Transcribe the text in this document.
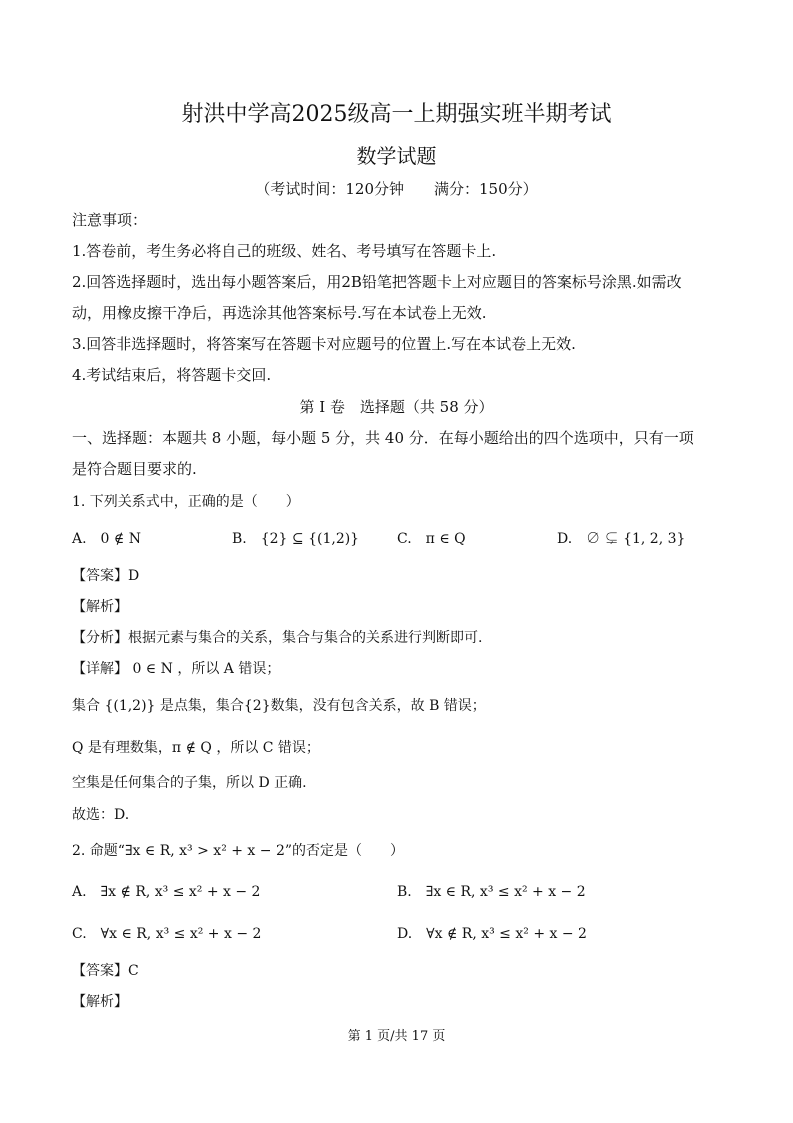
射洪中学高2025级高一上期强实班半期考试
数学试题
（考试时间：120分钟　　满分：150分）
注意事项：
1.答卷前，考生务必将自己的班级、姓名、考号填写在答题卡上.
2.回答选择题时，选出每小题答案后，用2B铅笔把答题卡上对应题目的答案标号涂黑.如需改
动，用橡皮擦干净后，再选涂其他答案标号.写在本试卷上无效.
3.回答非选择题时，将答案写在答题卡对应题号的位置上.写在本试卷上无效.
4.考试结束后，将答题卡交回.
第 I 卷　选择题（共 58 分）
一、选择题：本题共 8 小题，每小题 5 分，共 40 分．在每小题给出的四个选项中，只有一项
是符合题目要求的.
1. 下列关系式中，正确的是（　　）
A.　0 ∉ N	B.　{2} ⊆ {(1,2)}	C.　π ∈ Q	D.　∅ ⊊ {1, 2, 3}
【答案】D
【解析】
【分析】根据元素与集合的关系，集合与集合的关系进行判断即可.
【详解】 0 ∈ N ，所以 A 错误；
集合 {(1,2)} 是点集，集合{2}数集，没有包含关系，故 B 错误；
Q 是有理数集，π ∉ Q ，所以 C 错误；
空集是任何集合的子集，所以 D 正确.
故选：D.
2. 命题“∃x ∈ R, x³ > x² + x − 2”的否定是（　　）
A.　∃x ∉ R, x³ ≤ x² + x − 2	B.　∃x ∈ R, x³ ≤ x² + x − 2
C.　∀x ∈ R, x³ ≤ x² + x − 2	D.　∀x ∉ R, x³ ≤ x² + x − 2
【答案】C
【解析】
第 1 页/共 17 页
